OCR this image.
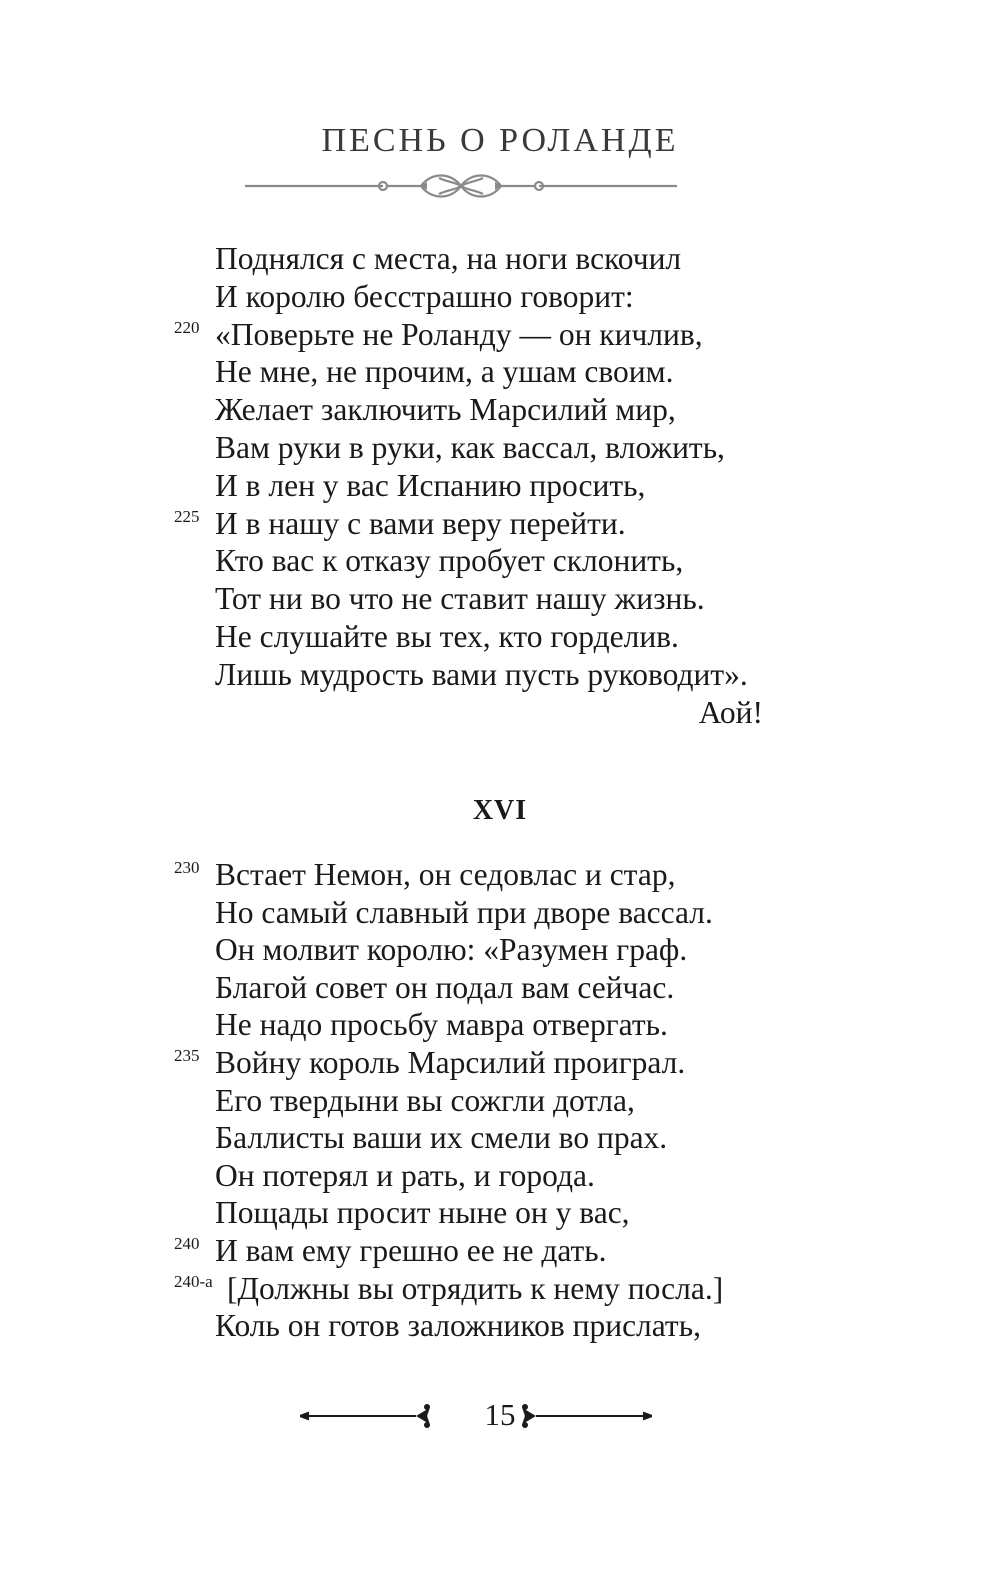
ПЕСНЬ О РОЛАНДЕ
Поднялся с места, на ноги вскочил
И королю бесстрашно говорит:
«Поверьте не Роланду — он кичлив,
220
Не мне, не прочим, а ушам своим.
Желает заключить Марсилий мир,
Вам руки в руки, как вассал, вложить,
И в лен у вас Испанию просить,
И в нашу с вами веру перейти.
225
Кто вас к отказу пробует склонить,
Тот ни во что не ставит нашу жизнь.
Не слушайте вы тех, кто горделив.
Лишь мудрость вами пусть руководит».
Аой!
XVI
Встает Немон, он седовлас и стар,
230
Но самый славный при дворе вассал.
Он молвит королю: «Разумен граф.
Благой совет он подал вам сейчас.
Не надо просьбу мавра отвергать.
Войну король Марсилий проиграл.
235
Его твердыни вы сожгли дотла,
Баллисты ваши их смели во прах.
Он потерял и рать, и города.
Пощады просит ныне он у вас,
И вам ему грешно ее не дать.
240
[Должны вы отрядить к нему посла.]
240-а
Коль он готов заложников прислать,
15
